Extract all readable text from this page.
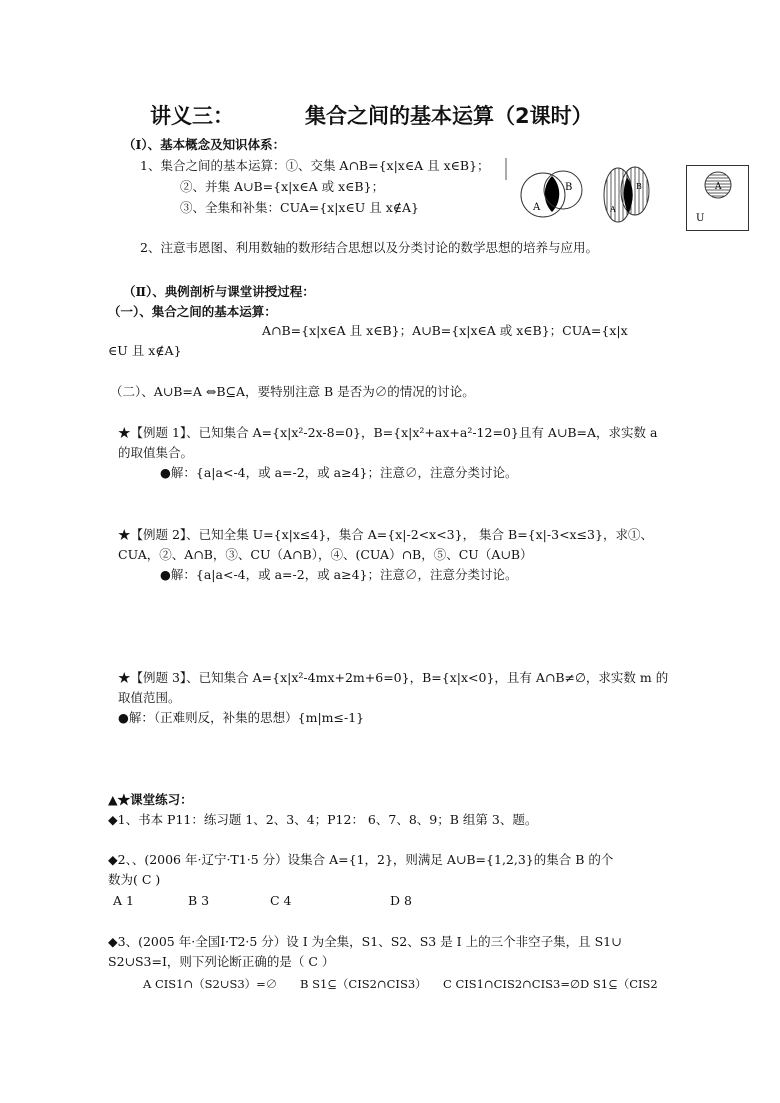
讲义三：	集合之间的基本运算（2课时）
（Ⅰ）、基本概念及知识体系：
1、集合之间的基本运算：①、交集 A∩B={x|x∈A 且 x∈B}；
②、并集 A∪B={x|x∈A 或 x∈B}；
③、全集和补集：CUA={x|x∈U 且 x∉A}
2、注意韦恩图、利用数轴的数形结合思想以及分类讨论的数学思想的培养与应用。
A
B
A
B	A
U
（Ⅱ）、典例剖析与课堂讲授过程：
（一）、集合之间的基本运算：
A∩B={x|x∈A 且 x∈B}；A∪B={x|x∈A 或 x∈B}；CUA={x|x
∈U 且 x∉A}
（二）、A∪B=A ⇔B⊆A，要特别注意 B 是否为∅的情况的讨论。
★【例题 1】、已知集合 A={x|x²-2x-8=0}，B={x|x²+ax+a²-12=0}且有 A∪B=A，求实数 a
的取值集合。
●解：{a|a<-4，或 a=-2，或 a≥4}；注意∅，注意分类讨论。
★【例题 2】、已知全集 U={x|x≤4}，集合 A={x|-2<x<3}， 集合 B={x|-3<x≤3}，求①、
CUA，②、A∩B，③、CU（A∩B），④、(CUA）∩B，⑤、CU（A∪B）
●解：{a|a<-4，或 a=-2，或 a≥4}；注意∅，注意分类讨论。
★【例题 3】、已知集合 A={x|x²-4mx+2m+6=0}，B={x|x<0}，且有 A∩B≠∅，求实数 m 的
取值范围。
●解：（正难则反，补集的思想）{m|m≤-1}
▲★课堂练习：
◆1、书本 P11：练习题 1、2、3、4；P12： 6、7、8、9；B 组第 3、题。
◆2、、(2006 年·辽宁·T1·5 分）设集合 A={1，2}，则满足 A∪B={1,2,3}的集合 B 的个
数为( C )
A 1	B 3	C 4	D 8
◆3、(2005 年·全国Ⅰ·T2·5 分）设 I 为全集，S1、S2、S3 是 I 上的三个非空子集，且 S1∪
S2∪S3=I，则下列论断正确的是（ C ）
A CIS1∩（S2∪S3）=∅ B S1⊆（CIS2∩CIS3） C CIS1∩CIS2∩CIS3=∅ D S1⊆（CIS2
